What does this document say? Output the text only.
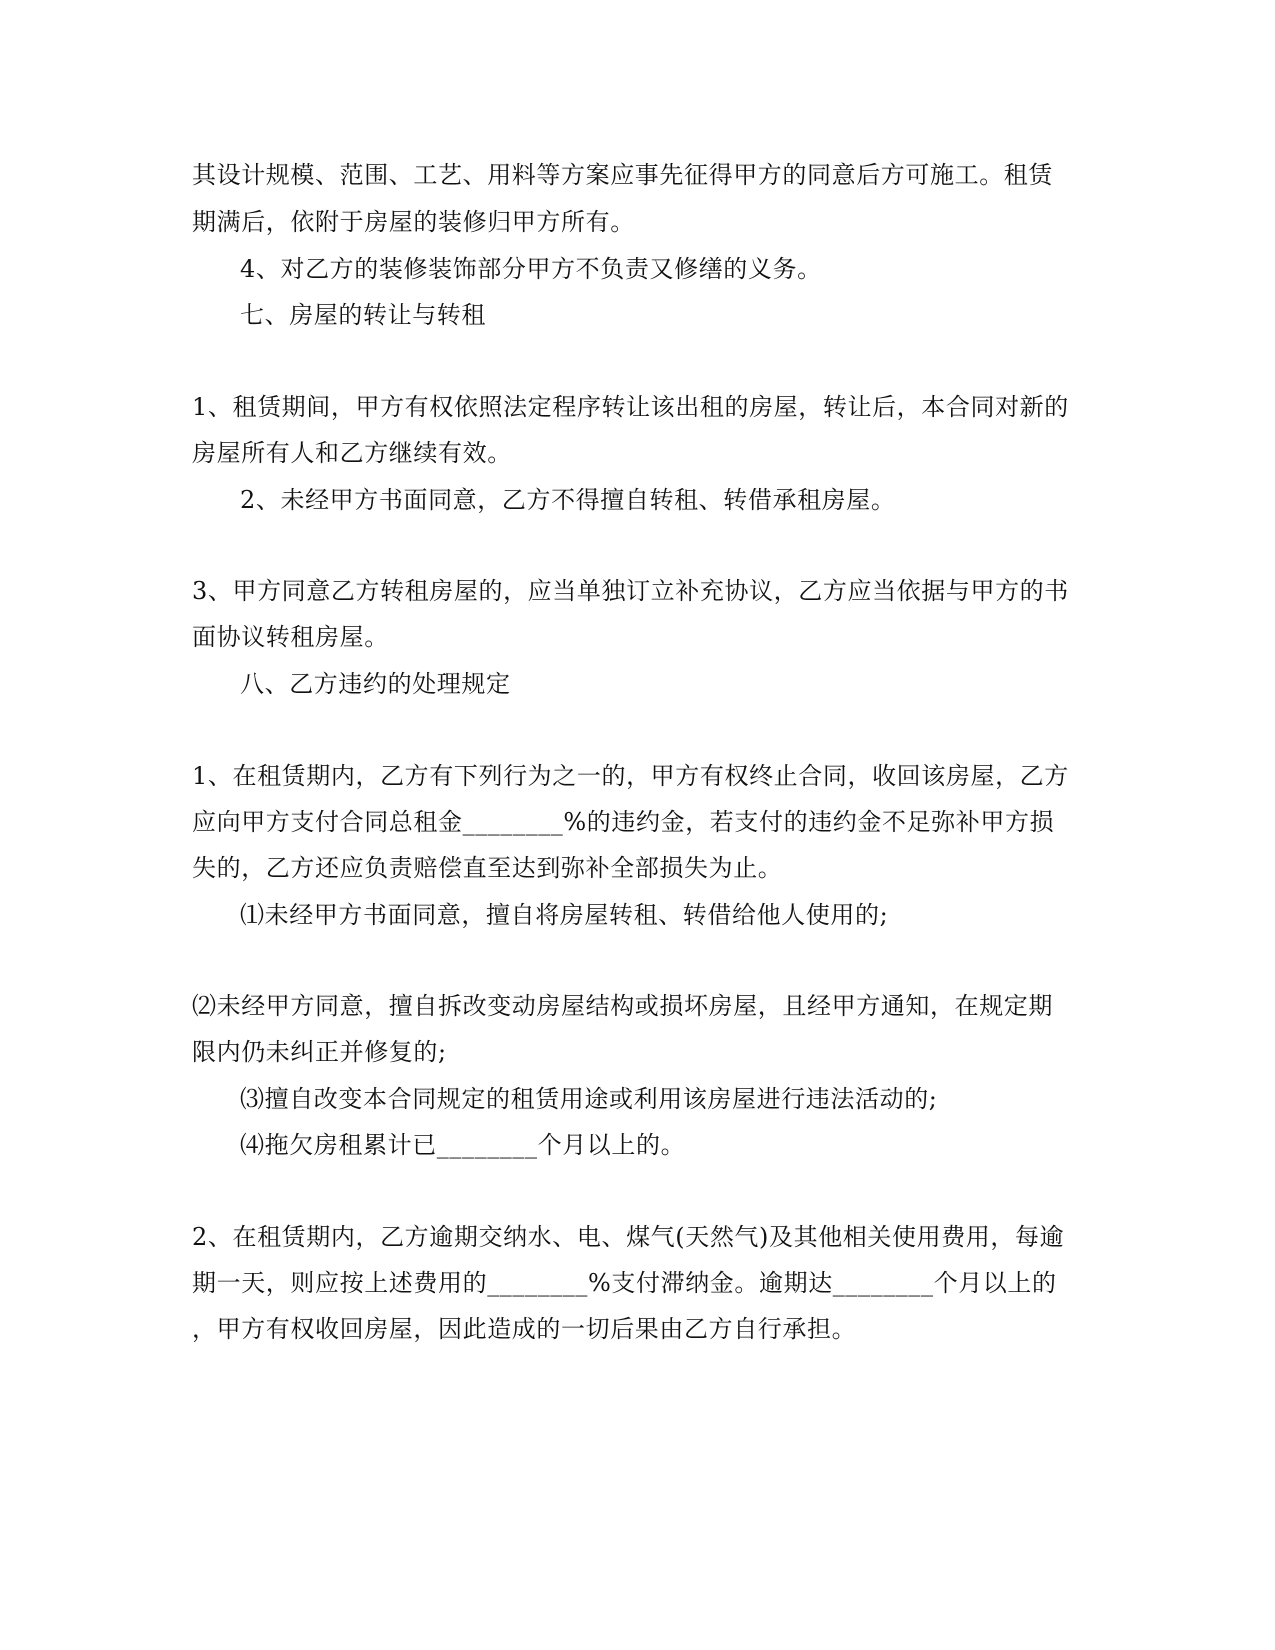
其设计规模、范围、工艺、用料等方案应事先征得甲方的同意后方可施工。租赁
期满后，依附于房屋的装修归甲方所有。
4、对乙方的装修装饰部分甲方不负责又修缮的义务。
七、房屋的转让与转租
1、租赁期间，甲方有权依照法定程序转让该出租的房屋，转让后，本合同对新的
房屋所有人和乙方继续有效。
2、未经甲方书面同意，乙方不得擅自转租、转借承租房屋。
3、甲方同意乙方转租房屋的，应当单独订立补充协议，乙方应当依据与甲方的书
面协议转租房屋。
八、乙方违约的处理规定
1、在租赁期内，乙方有下列行为之一的，甲方有权终止合同，收回该房屋，乙方
应向甲方支付合同总租金________%的违约金，若支付的违约金不足弥补甲方损
失的，乙方还应负责赔偿直至达到弥补全部损失为止。
⑴未经甲方书面同意，擅自将房屋转租、转借给他人使用的;
⑵未经甲方同意，擅自拆改变动房屋结构或损坏房屋，且经甲方通知，在规定期
限内仍未纠正并修复的;
⑶擅自改变本合同规定的租赁用途或利用该房屋进行违法活动的;
⑷拖欠房租累计已________个月以上的。
2、在租赁期内，乙方逾期交纳水、电、煤气(天然气)及其他相关使用费用，每逾
期一天，则应按上述费用的________%支付滞纳金。逾期达________个月以上的
，甲方有权收回房屋，因此造成的一切后果由乙方自行承担。
